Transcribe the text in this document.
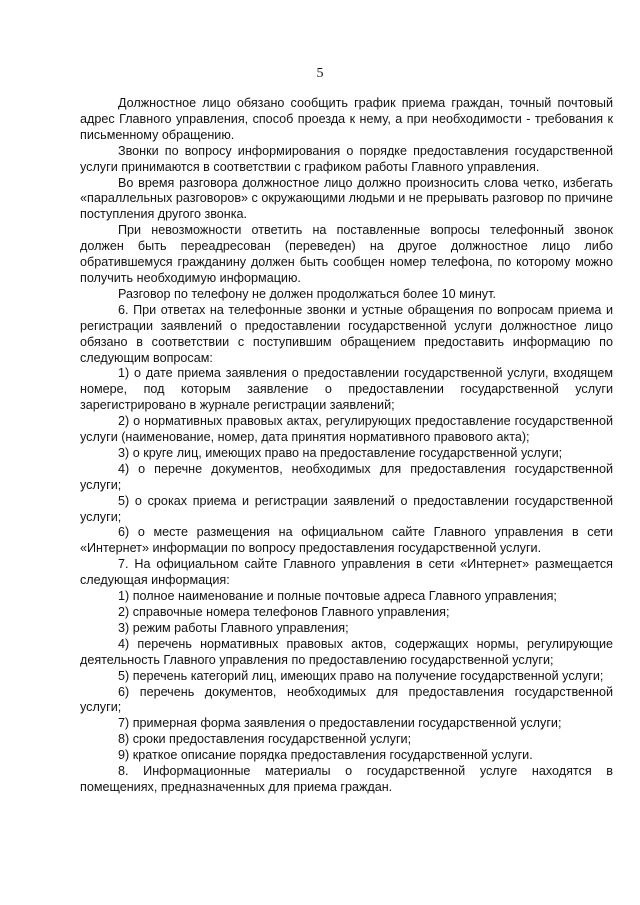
5

Должностное лицо обязано сообщить график приема граждан, точный почтовый адрес Главного управления, способ проезда к нему, а при необходимости - требования к письменному обращению.

Звонки по вопросу информирования о порядке предоставления государственной услуги принимаются в соответствии с графиком работы Главного управления.

Во время разговора должностное лицо должно произносить слова четко, избегать «параллельных разговоров» с окружающими людьми и не прерывать разговор по причине поступления другого звонка.

При невозможности ответить на поставленные вопросы телефонный звонок должен быть переадресован (переведен) на другое должностное лицо либо обратившемуся гражданину должен быть сообщен номер телефона, по которому можно получить необходимую информацию.

Разговор по телефону не должен продолжаться более 10 минут.

6. При ответах на телефонные звонки и устные обращения по вопросам приема и регистрации заявлений о предоставлении государственной услуги должностное лицо обязано в соответствии с поступившим обращением предоставить информацию по следующим вопросам:

1) о дате приема заявления о предоставлении государственной услуги, входящем номере, под которым заявление о предоставлении государственной услуги зарегистрировано в журнале регистрации заявлений;

2) о нормативных правовых актах, регулирующих предоставление государственной услуги (наименование, номер, дата принятия нормативного правового акта);

3) о круге лиц, имеющих право на предоставление государственной услуги;

4) о перечне документов, необходимых для предоставления государственной услуги;

5) о сроках приема и регистрации заявлений о предоставлении государственной услуги;

6) о месте размещения на официальном сайте Главного управления в сети «Интернет» информации по вопросу предоставления государственной услуги.

7. На официальном сайте Главного управления в сети «Интернет» размещается следующая информация:

1) полное наименование и полные почтовые адреса Главного управления;

2) справочные номера телефонов Главного управления;

3) режим работы Главного управления;

4) перечень нормативных правовых актов, содержащих нормы, регулирующие деятельность Главного управления по предоставлению государственной услуги;

5) перечень категорий лиц, имеющих право на получение государственной услуги;

6) перечень документов, необходимых для предоставления государственной услуги;

7) примерная форма заявления о предоставлении государственной услуги;

8) сроки предоставления государственной услуги;

9) краткое описание порядка предоставления государственной услуги.

8. Информационные материалы о государственной услуге находятся в помещениях, предназначенных для приема граждан.
